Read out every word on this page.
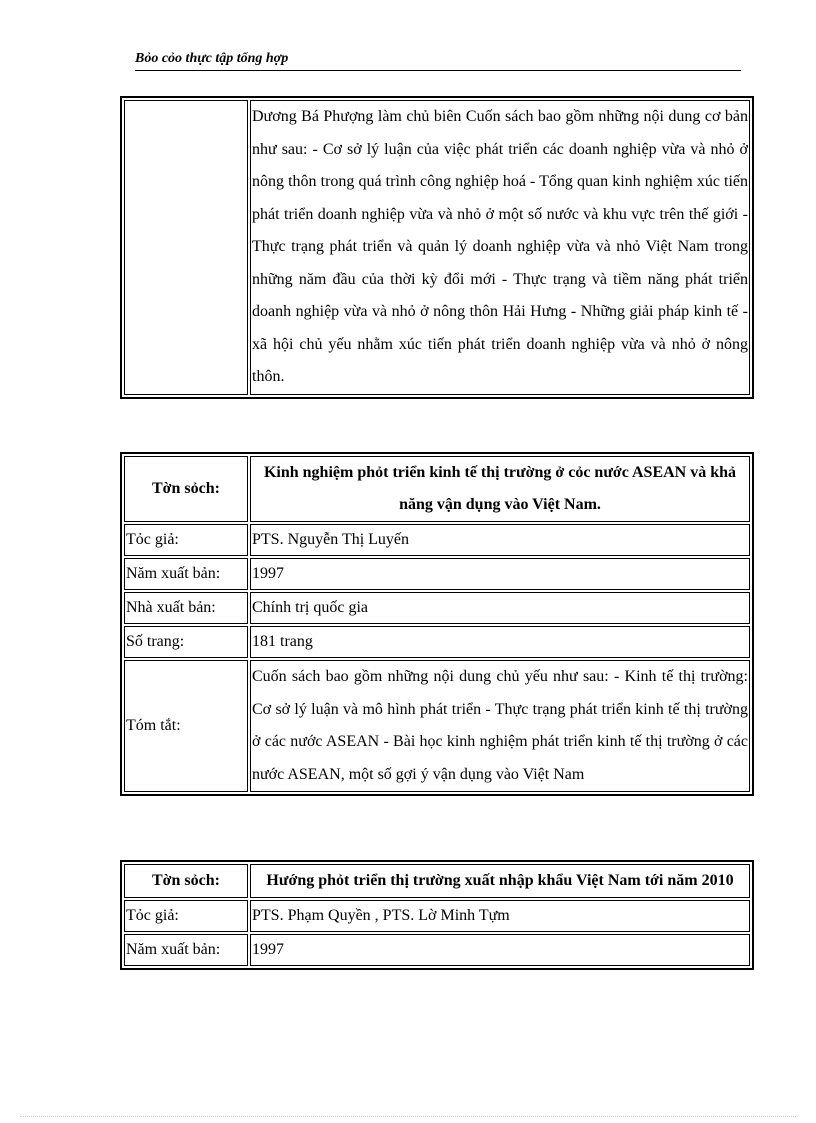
Bỏo cỏo thực tập tổng hợp
	Dương Bá Phượng làm chủ biên Cuốn sách bao gồm những nội dung cơ bản như sau: - Cơ sở lý luận của việc phát triển các doanh nghiệp vừa và nhỏ ở nông thôn trong quá trình công nghiệp hoá - Tổng quan kinh nghiệm xúc tiến phát triển doanh nghiệp vừa và nhỏ ở một số nước và khu vực trên thế giới - Thực trạng phát triển và quản lý doanh nghiệp vừa và nhỏ Việt Nam trong những năm đầu của thời kỳ đổi mới - Thực trạng và tiềm năng phát triển doanh nghiệp vừa và nhỏ ở nông thôn Hải Hưng - Những giải pháp kinh tế - xã hội chủ yếu nhằm xúc tiến phát triển doanh nghiệp vừa và nhỏ ở nông thôn.
Tờn sỏch:	Kinh nghiệm phỏt triển kinh tế thị trường ở cỏc nước ASEAN và khả năng vận dụng vào Việt Nam.
Tỏc giả:	PTS. Nguyễn Thị Luyến
Năm xuất bản:	1997
Nhà xuất bản:	Chính trị quốc gia
Số trang:	181 trang
Tóm tắt:	Cuốn sách bao gồm những nội dung chủ yếu như sau: - Kinh tế thị trường: Cơ sở lý luận và mô hình phát triển - Thực trạng phát triển kinh tế thị trường ở các nước ASEAN - Bài học kinh nghiệm phát triển kinh tế thị trường ở các nước ASEAN, một số gợi ý vận dụng vào Việt Nam
Tờn sỏch:	Hướng phỏt triển thị trường xuất nhập khẩu Việt Nam tới năm 2010
Tỏc giả:	PTS. Phạm Quyền , PTS. Lờ Minh Tựm
Năm xuất bản:	1997
